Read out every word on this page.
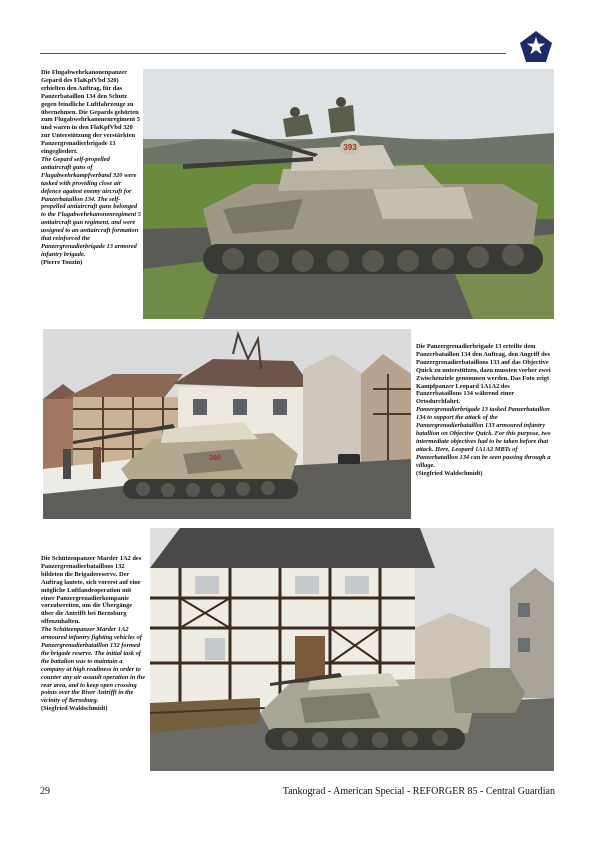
Die Flugabwehrkanonenpanzer Gepard des FlaKpfVbd 320) erhielten den Auftrag, für das Panzerbataillon 134 den Schutz gegen feindliche Luftfahrzeuge zu übernehmen. Die Gepards gehörten zum Flugabwehrkanonenregiment 5 und waren in den FlaKpfVbd 320 zur Unterstützung der verstärkten Panzergrenadierbrigade 13 eingegliedert.

The Gepard self-propelled antiaircraft guns of Flugabwehrkampfverband 320 were tasked with providing close air defence against enemy aircraft for Panzerbataillon 134. The self-propelled antiaircraft guns belonged to the Flugabwehrkanonenregiment 5 antiaircraft gun regiment, and were assigned to an antiaircraft formation that reinforced the Panzergrenadierbrigade 13 armored infantry brigade.

(Pierre Touzin)

393
390

Die Panzergrenadierbrigade 13 erteilte dem Panzerbataillon 134 den Auftrag, den Angriff des Panzergrenadierbataillons 133 auf das Objective Quick zu unterstützen, dazu mussten vorher zwei Zwischenziele genommen werden. Das Foto zeigt Kampfpanzer Leopard 1A1A2 des Panzerbataillons 134 während einer Ortsdurchfahrt.

Panzergrenadierbrigade 13 tasked Panzerbataillon 134 to support the attack of the Panzergrenadierbataillon 133 armoured infantry batallion on Objective Quick. For this purpose, two intermediate objectives had to be taken before that attack. Here, Leopard 1A1A2 MBTs of Panzerbataillon 134 can be seen passing through a village.

(Siegfried Waldschmidt)

Die Schützenpanzer Marder 1A2 des Panzergrenadierbataillons 132 bildeten die Brigadereserve. Der Auftrag lautete, sich vorerst auf eine mögliche Luftlandeoperation mit einer Panzergrenadierkompanie vorzubereiten, um die Übergänge über die Antrifft bei Bernsburg offenzuhalten.

The Schützenpanzer Marder 1A2 armoured infantry fighting vehicles of Panzergrenadierbataillon 132 formed the brigade reserve. The initial task of the battalion was to maintain a company at high readiness in order to counter any air assault operation in the rear area, and to keep open crossing points over the River Antrifft in the vicinity of Bernsburg.

(Siegfried Waldschmidt)

29	Tankograd - American Special - REFORGER 85 - Central Guardian
